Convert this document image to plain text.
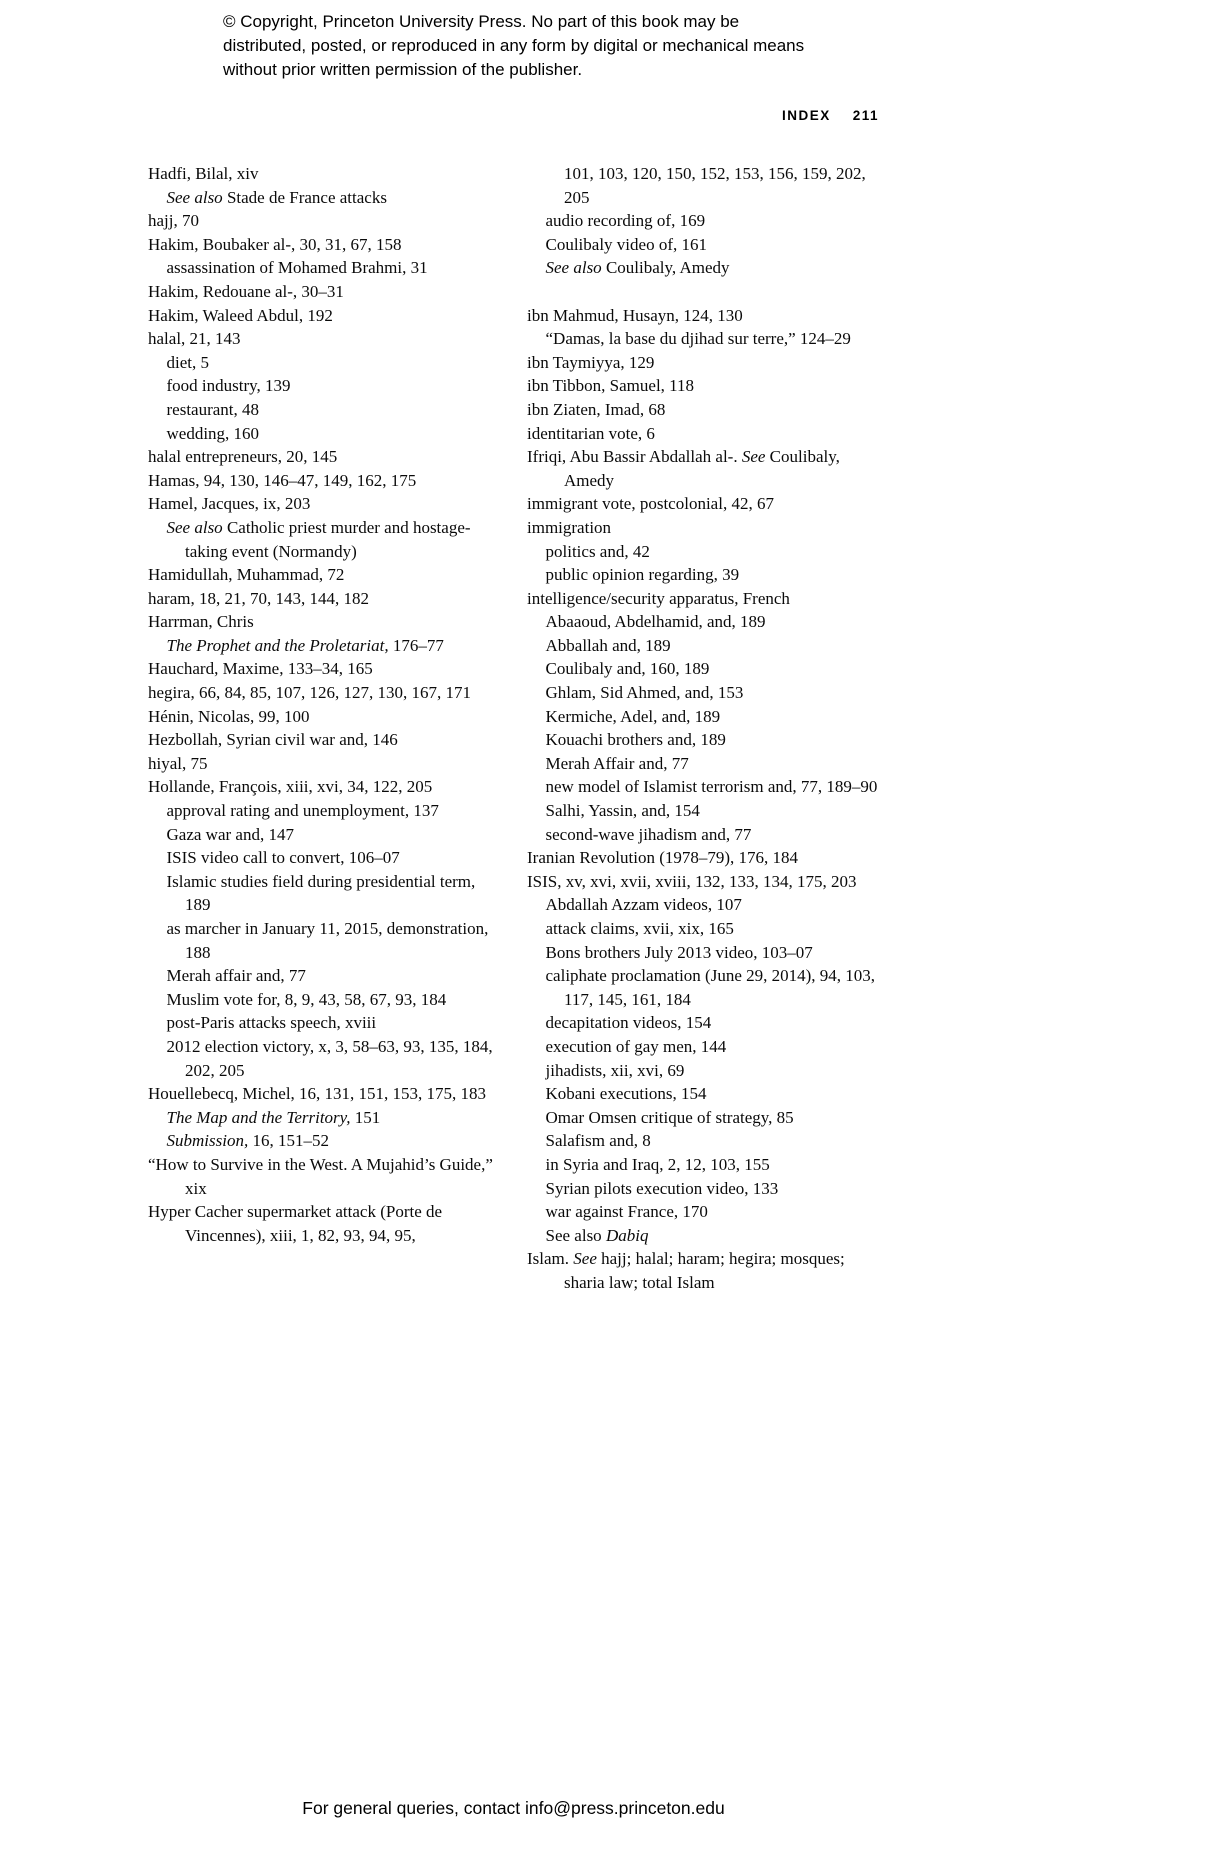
© Copyright, Princeton University Press. No part of this book may be distributed, posted, or reproduced in any form by digital or mechanical means without prior written permission of the publisher.
INDEX 211
Hadfi, Bilal, xiv
See also Stade de France attacks
hajj, 70
Hakim, Boubaker al-, 30, 31, 67, 158
assassination of Mohamed Brahmi, 31
Hakim, Redouane al-, 30–31
Hakim, Waleed Abdul, 192
halal, 21, 143
diet, 5
food industry, 139
restaurant, 48
wedding, 160
halal entrepreneurs, 20, 145
Hamas, 94, 130, 146–47, 149, 162, 175
Hamel, Jacques, ix, 203
See also Catholic priest murder and hostage-taking event (Normandy)
Hamidullah, Muhammad, 72
haram, 18, 21, 70, 143, 144, 182
Harrman, Chris
The Prophet and the Proletariat, 176–77
Hauchard, Maxime, 133–34, 165
hegira, 66, 84, 85, 107, 126, 127, 130, 167, 171
Hénin, Nicolas, 99, 100
Hezbollah, Syrian civil war and, 146
hiyal, 75
Hollande, François, xiii, xvi, 34, 122, 205
approval rating and unemployment, 137
Gaza war and, 147
ISIS video call to convert, 106–07
Islamic studies field during presidential term, 189
as marcher in January 11, 2015, demonstration, 188
Merah affair and, 77
Muslim vote for, 8, 9, 43, 58, 67, 93, 184
post-Paris attacks speech, xviii
2012 election victory, x, 3, 58–63, 93, 135, 184, 202, 205
Houellebecq, Michel, 16, 131, 151, 153, 175, 183
The Map and the Territory, 151
Submission, 16, 151–52
“How to Survive in the West. A Mujahid’s Guide,” xix
Hyper Cacher supermarket attack (Porte de Vincennes), xiii, 1, 82, 93, 94, 95,
101, 103, 120, 150, 152, 153, 156, 159, 202, 205
audio recording of, 169
Coulibaly video of, 161
See also Coulibaly, Amedy
ibn Mahmud, Husayn, 124, 130
“Damas, la base du djihad sur terre,” 124–29
ibn Taymiyya, 129
ibn Tibbon, Samuel, 118
ibn Ziaten, Imad, 68
identitarian vote, 6
Ifriqi, Abu Bassir Abdallah al-. See Coulibaly, Amedy
immigrant vote, postcolonial, 42, 67
immigration
politics and, 42
public opinion regarding, 39
intelligence/security apparatus, French
Abaaoud, Abdelhamid, and, 189
Abballah and, 189
Coulibaly and, 160, 189
Ghlam, Sid Ahmed, and, 153
Kermiche, Adel, and, 189
Kouachi brothers and, 189
Merah Affair and, 77
new model of Islamist terrorism and, 77, 189–90
Salhi, Yassin, and, 154
second-wave jihadism and, 77
Iranian Revolution (1978–79), 176, 184
ISIS, xv, xvi, xvii, xviii, 132, 133, 134, 175, 203
Abdallah Azzam videos, 107
attack claims, xvii, xix, 165
Bons brothers July 2013 video, 103–07
caliphate proclamation (June 29, 2014), 94, 103, 117, 145, 161, 184
decapitation videos, 154
execution of gay men, 144
jihadists, xii, xvi, 69
Kobani executions, 154
Omar Omsen critique of strategy, 85
Salafism and, 8
in Syria and Iraq, 2, 12, 103, 155
Syrian pilots execution video, 133
war against France, 170
See also Dabiq
Islam. See hajj; halal; haram; hegira; mosques; sharia law; total Islam
For general queries, contact info@press.princeton.edu
